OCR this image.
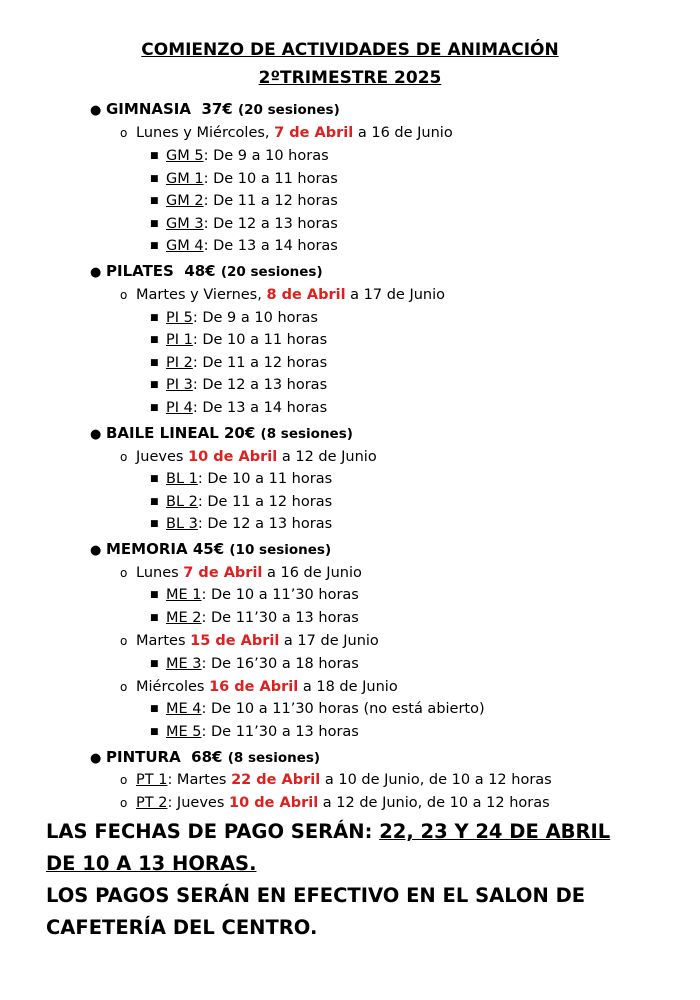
COMIENZO DE ACTIVIDADES DE ANIMACIÓN
2ºTRIMESTRE 2025
● GIMNASIA 37€ (20 sesiones)
o Lunes y Miércoles, 7 de Abril a 16 de Junio
■ GM 5: De 9 a 10 horas
■ GM 1: De 10 a 11 horas
■ GM 2: De 11 a 12 horas
■ GM 3: De 12 a 13 horas
■ GM 4: De 13 a 14 horas
● PILATES 48€ (20 sesiones)
o Martes y Viernes, 8 de Abril a 17 de Junio
■ PI 5: De 9 a 10 horas
■ PI 1: De 10 a 11 horas
■ PI 2: De 11 a 12 horas
■ PI 3: De 12 a 13 horas
■ PI 4: De 13 a 14 horas
● BAILE LINEAL 20€ (8 sesiones)
o Jueves 10 de Abril a 12 de Junio
■ BL 1: De 10 a 11 horas
■ BL 2: De 11 a 12 horas
■ BL 3: De 12 a 13 horas
● MEMORIA 45€ (10 sesiones)
o Lunes 7 de Abril a 16 de Junio
■ ME 1: De 10 a 11’30 horas
■ ME 2: De 11’30 a 13 horas
o Martes 15 de Abril a 17 de Junio
■ ME 3: De 16’30 a 18 horas
o Miércoles 16 de Abril a 18 de Junio
■ ME 4: De 10 a 11’30 horas (no está abierto)
■ ME 5: De 11’30 a 13 horas
● PINTURA 68€ (8 sesiones)
o PT 1: Martes 22 de Abril a 10 de Junio, de 10 a 12 horas
o PT 2: Jueves 10 de Abril a 12 de Junio, de 10 a 12 horas
LAS FECHAS DE PAGO SERÁN: 22, 23 Y 24 DE ABRIL
DE 10 A 13 HORAS.
LOS PAGOS SERÁN EN EFECTIVO EN EL SALON DE
CAFETERÍA DEL CENTRO.
